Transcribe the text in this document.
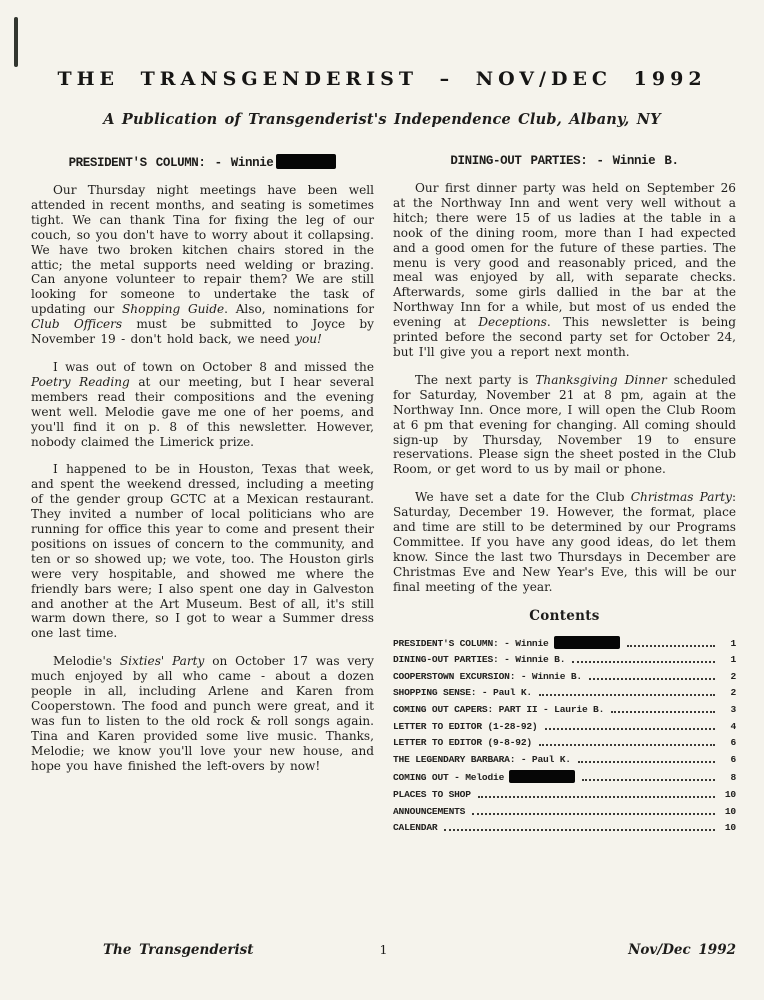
THE TRANSGENDERIST – NOV/DEC 1992
A Publication of Transgenderist's Independence Club, Albany, NY
PRESIDENT'S COLUMN: - Winnie

Our Thursday night meetings have been well attended in recent months, and seating is sometimes tight. We can thank Tina for fixing the leg of our couch, so you don't have to worry about it collapsing. We have two broken kitchen chairs stored in the attic; the metal supports need welding or brazing. Can anyone volunteer to repair them? We are still looking for someone to undertake the task of updating our Shopping Guide. Also, nominations for Club Officers must be submitted to Joyce by November 19 - don't hold back, we need you!

I was out of town on October 8 and missed the Poetry Reading at our meeting, but I hear several members read their compositions and the evening went well. Melodie gave me one of her poems, and you'll find it on p. 8 of this newsletter. However, nobody claimed the Limerick prize.

I happened to be in Houston, Texas that week, and spent the weekend dressed, including a meeting of the gender group GCTC at a Mexican restaurant. They invited a number of local politicians who are running for office this year to come and present their positions on issues of concern to the community, and ten or so showed up; we vote, too. The Houston girls were very hospitable, and showed me where the friendly bars were; I also spent one day in Galveston and another at the Art Museum. Best of all, it's still warm down there, so I got to wear a Summer dress one last time.

Melodie's Sixties' Party on October 17 was very much enjoyed by all who came - about a dozen people in all, including Arlene and Karen from Cooperstown. The food and punch were great, and it was fun to listen to the old rock & roll songs again. Tina and Karen provided some live music. Thanks, Melodie; we know you'll love your new house, and hope you have finished the left-overs by now!

DINING-OUT PARTIES: - Winnie B.

Our first dinner party was held on September 26 at the Northway Inn and went very well without a hitch; there were 15 of us ladies at the table in a nook of the dining room, more than I had expected and a good omen for the future of these parties. The menu is very good and reasonably priced, and the meal was enjoyed by all, with separate checks. Afterwards, some girls dallied in the bar at the Northway Inn for a while, but most of us ended the evening at Deceptions. This newsletter is being printed before the second party set for October 24, but I'll give you a report next month.

The next party is Thanksgiving Dinner scheduled for Saturday, November 21 at 8 pm, again at the Northway Inn. Once more, I will open the Club Room at 6 pm that evening for changing. All coming should sign-up by Thursday, November 19 to ensure reservations. Please sign the sheet posted in the Club Room, or get word to us by mail or phone.

We have set a date for the Club Christmas Party: Saturday, December 19. However, the format, place and time are still to be determined by our Programs Committee. If you have any good ideas, do let them know. Since the last two Thursdays in December are Christmas Eve and New Year's Eve, this will be our final meeting of the year.

Contents
PRESIDENT'S COLUMN: - Winnie	1
DINING-OUT PARTIES: - Winnie B.	1
COOPERSTOWN EXCURSION: - Winnie B.	2
SHOPPING SENSE: - Paul K.	2
COMING OUT CAPERS: PART II - Laurie B.	3
LETTER TO EDITOR (1-28-92)	4
LETTER TO EDITOR (9-8-92)	6
THE LEGENDARY BARBARA: - Paul K.	6
COMING OUT - Melodie	8
PLACES TO SHOP	10
ANNOUNCEMENTS	10
CALENDAR	10
The Transgenderist	1	Nov/Dec 1992
